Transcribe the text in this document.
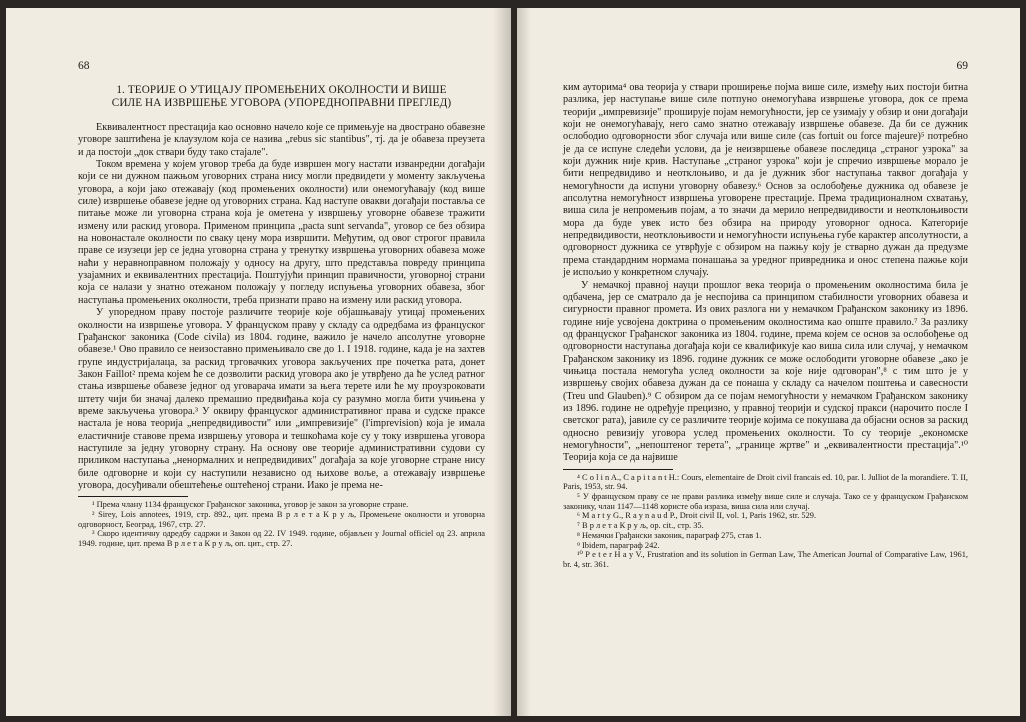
68
1. ТЕОРИЈЕ О УТИЦАЈУ ПРОМЕЊЕНИХ ОКОЛНОСТИ И ВИШЕ
СИЛЕ НА ИЗВРШЕЊЕ УГОВОРА (УПОРЕДНОПРАВНИ ПРЕГЛЕД)

Еквивалентност престација као основно начело које се примењује на двострано обавезне уговоре заштићена је клаузулом која се назива „rebus sic stantibus", тј. да је обавеза преузета и да постоји „док ствари буду тако стајале".

Током времена у којем уговор треба да буде извршен могу настати изванредни догађаји који се ни дужном пажњом уговорних страна нису могли предвидети у моменту закључења уговора, а који јако отежавају (код промењених околности) или онемогућавају (код више силе) извршење обавезе једне од уговорних страна. Кад наступе овакви догађаји поставља се питање може ли уговорна страна која је ометена у извршењу уговорне обавезе тражити измену или раскид уговора. Применом принципа „pacta sunt servanda", уговор се без обзира на новонастале околности по сваку цену мора извршити. Међутим, од овог строгог правила праве се изузеци јер се једна уговорна страна у тренутку извршења уговорних обавеза може наћи у неравноправном положају у односу на другу, што представља повреду принципа узајамних и еквивалентних престација. Поштујући принцип правичности, уговорној страни која се налази у знатно отежаном положају у погледу испуњења уговорних обавеза, због наступања промењених околности, треба признати право на измену или раскид уговора.

У упоредном праву постоје различите теорије које објашњавају утицај промењених околности на извршење уговора. У француском праву у складу са одредбама из француског Грађанског законика (Code civila) из 1804. године, важило је начело апсолутне уговорне обавезе.¹ Ово правило се неизоставно примењивало све до 1. I 1918. године, када је на захтев групе индустријалаца, за раскид трговачких уговора закључених пре почетка рата, донет Закон Faillot² према којем ће се дозволити раскид уговора ако је утврђено да ће услед ратног стања извршење обавезе једног од уговарача имати за њега терете или ће му проузроковати штету чији би значај далеко премашио предвиђања која су разумно могла бити учињена у време закључења уговора.³ У оквиру француског административног права и судске праксе настала је нова теорија „непредвидивости" или „импревизије" (l'imprevision) која је имала еластичније ставове према извршењу уговора и тешкоћама које су у току извршења уговора наступиле за једну уговорну страну. На основу ове теорије административни судови су приликом наступања „ненормалних и непредвидивих" догађаја за које уговорне стране нису биле одговорне и који су наступили независно од њихове воље, а отежавају извршење уговора, досуђивали обештећење оштећеној страни. Иако је према не-

¹ Према члану 1134 француског Грађанског законика, уговор је закон за уговорне стране.

² Sirey, Lois annotees, 1919, стр. 892., цит. према В р л е т а К р у љ, Промењене околности и уговорна одговорност, Београд, 1967, стр. 27.

³ Скоро идентичну одредбу садржи и Закон од 22. IV 1949. године, објављен у Journal officiel од 23. априла 1949. године, цит. према В р л е т а К р у љ, оп. цит., стр. 27.

69

ким ауторима⁴ ова теорија у ствари проширење појма више силе, између њих постоји битна разлика, јер наступање више силе потпуно онемогућава извршење уговора, док се према теорији „импревизије" проширује појам немогућности, јер се узимају у обзир и они догађаји који не онемогућавају, него само знатно отежавају извршење обавезе. Да би се дужник ослободио одговорности због случаја или више силе (cas fortuit ou force majeure)⁵ потребно је да се испуне следећи услови, да је неизвршење обавезе последица „страног узрока" за који дужник није крив. Наступање „страног узрока" који је спречио извршење морало је бити непредвидиво и неотклоњиво, и да је дужник због наступања таквог догађаја у немогућности да испуни уговорну обавезу.⁶ Основ за ослобођење дужника од обавезе је апсолутна немогућност извршења уговорене престације. Према традиционалном схватању, виша сила је непромењив појам, а то значи да мерило непредвидивости и неотклоњивости мора да буде увек исто без обзира на природу уговорног односа. Категорије непредвидивости, неотклоњивости и немогућности испуњења губе карактер апсолутности, а одговорност дужника се утврђује с обзиром на пажњу коју је стварно дужан да предузме према стандардним нормама понашања за уредног привредника и онос степена пажње који је испољио у конкретном случају.

У немачкој правној науци прошлог века теорија о промењеним околностима била је одбачена, јер се сматрало да је неспојива са принципом стабилности уговорних обавеза и сигурности правног промета. Из ових разлога ни у немачком Грађанском законику из 1896. године није усвојена доктрина о промењеним околностима као опште правило.⁷ За разлику од француског Грађанског законика из 1804. године, према којем се основ за ослобођење од одговорности наступања догађаја који се квалификује као виша сила или случај, у немачком Грађанском законику из 1896. године дужник се може ослободити уговорне обавезе „ако је чињица постала немогућа услед околности за које није одговоран",⁸ с тим што је у извршењу својих обавеза дужан да се понаша у складу са начелом поштења и савесности (Treu und Glauben).⁹ С обзиром да се појам немогућности у немачком Грађанском законику из 1896. године не одређује прецизно, у правној теорији и судској пракси (нарочито после I светског рата), јавиле су се различите теорије којима се покушава да објасни основ за раскид односно ревизију уговора услед промењених околности. То су теорије „економске немогућности", „непоштеног терета", „границе жртве" и „еквивалентности престација".¹⁰ Теорија која се да највише

⁴ C o l i n A., C a p i t a n t H.: Cours, elementaire de Droit civil francais ed. 10, par. l. Julliot de la morandiere. T. II, Paris, 1953, str. 94.

⁵ У француском праву се не прави разлика између више силе и случаја. Тако се у француском Грађанском законику, члан 1147—1148 користе оба израза, виша сила или случај.

⁶ M a r t y G., R a y n a u d P., Droit civil II, vol. 1, Paris 1962, str. 529.

⁷ В р л е т а К р у љ, op. cit., стр. 35.

⁸ Немачки Грађански законик, параграф 275, став 1.

⁹ Ibidem, параграф 242.

¹⁰ P e t e r H a y V., Frustration and its solution in German Law, The American Journal of Comparative Law, 1961, br. 4, str. 361.
